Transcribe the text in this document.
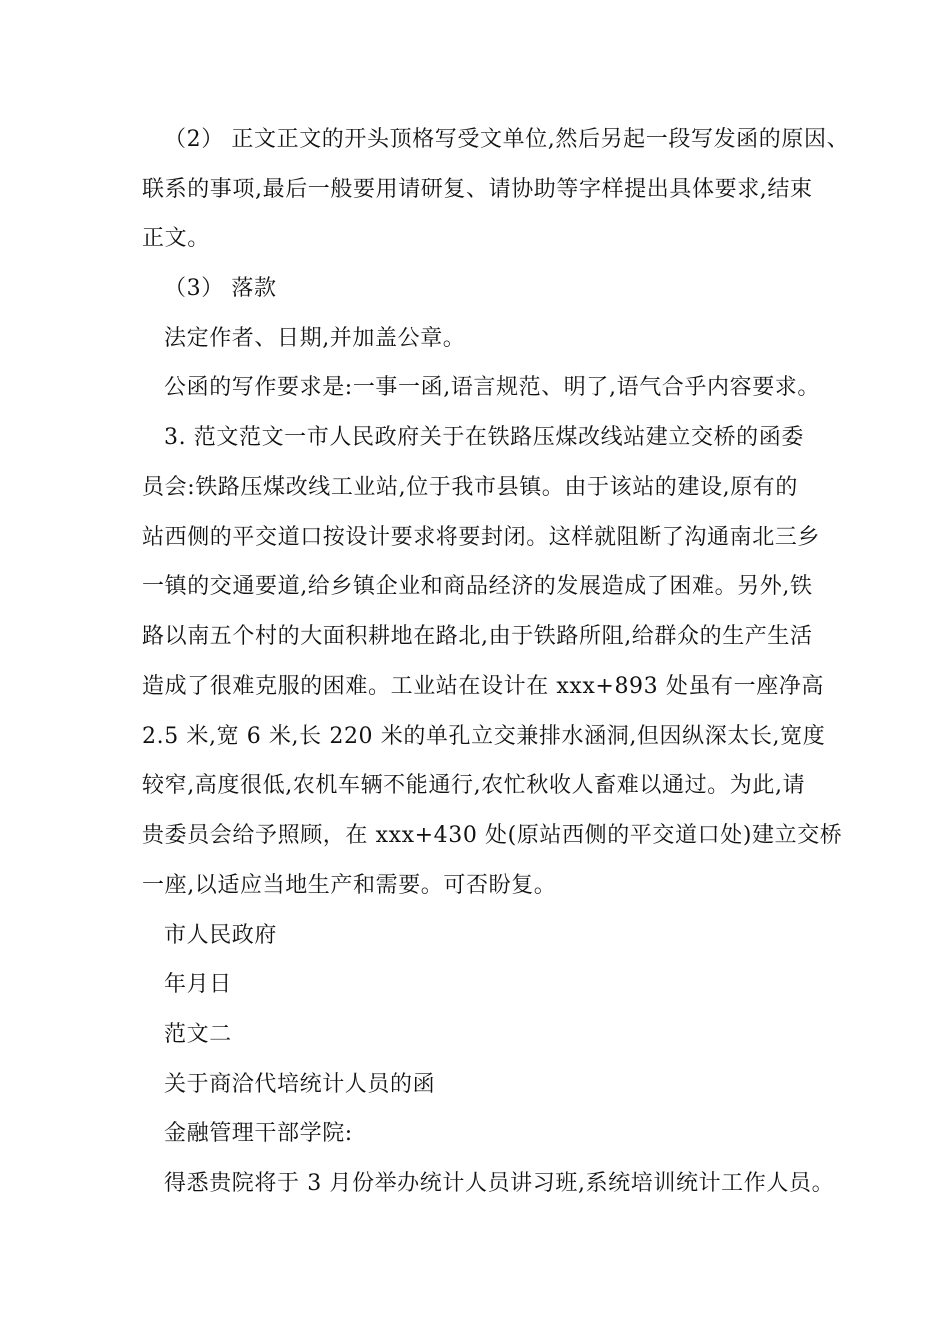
（2） 正文正文的开头顶格写受文单位,然后另起一段写发函的原因、
联系的事项,最后一般要用请研复、请协助等字样提出具体要求,结束
正文。
（3） 落款
法定作者、日期,并加盖公章。
公函的写作要求是:一事一函,语言规范、明了,语气合乎内容要求。
3. 范文范文一市人民政府关于在铁路压煤改线站建立交桥的函委
员会:铁路压煤改线工业站,位于我市县镇。由于该站的建设,原有的
站西侧的平交道口按设计要求将要封闭。这样就阻断了沟通南北三乡
一镇的交通要道,给乡镇企业和商品经济的发展造成了困难。另外,铁
路以南五个村的大面积耕地在路北,由于铁路所阻,给群众的生产生活
造成了很难克服的困难。工业站在设计在 xxx+893 处虽有一座净高
2.5 米,宽 6 米,长 220 米的单孔立交兼排水涵洞,但因纵深太长,宽度
较窄,高度很低,农机车辆不能通行,农忙秋收人畜难以通过。为此,请
贵委员会给予照顾，在 xxx+430 处(原站西侧的平交道口处)建立交桥
一座,以适应当地生产和需要。可否盼复。
市人民政府
年月日
范文二
关于商洽代培统计人员的函
金融管理干部学院:
得悉贵院将于 3 月份举办统计人员讲习班,系统培训统计工作人员。
